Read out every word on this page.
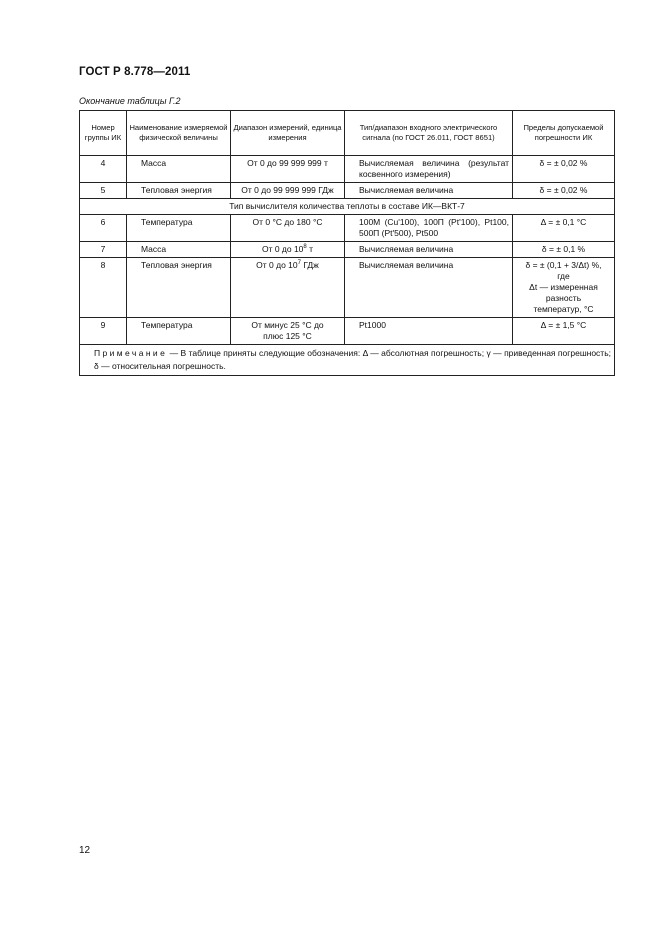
ГОСТ Р 8.778—2011
Окончание таблицы Г.2
Номер группы ИК	Наименование измеряемой физической величины	Диапазон измерений, единица измерения	Тип/диапазон входного электрического сигнала (по ГОСТ 26.011, ГОСТ 8651)	Пределы допускаемой погрешности ИК
4	Масса	От 0 до 99 999 999 т	Вычисляемая величина (результат косвенного измерения)	δ = ± 0,02 %
5	Тепловая энергия	От 0 до 99 999 999 ГДж	Вычисляемая величина	δ = ± 0,02 %
Тип вычислителя количества теплоты в составе ИК—ВКТ-7				
6	Температура	От 0 °С до 180 °С	100М (Cu'100), 100П (Pt'100), Pt100, 500П (Pt'500), Pt500	Δ = ± 0,1 °С
7	Масса	От 0 до $10^8$ т	Вычисляемая величина	δ = ± 0,1 %
8	Тепловая энергия	От 0 до $10^7$ ГДж	Вычисляемая величина	δ = ± (0,1 + 3/Δt) %,
где
Δt — измеренная
разность
температур, °С

9	Температура	От минус 25 °С до
плюс 125 °С	Pt1000	Δ = ± 1,5 °С
Примечание — В таблице приняты следующие обозначения: Δ — абсолютная погрешность; γ — приведенная погрешность; δ — относительная погрешность.				
12
